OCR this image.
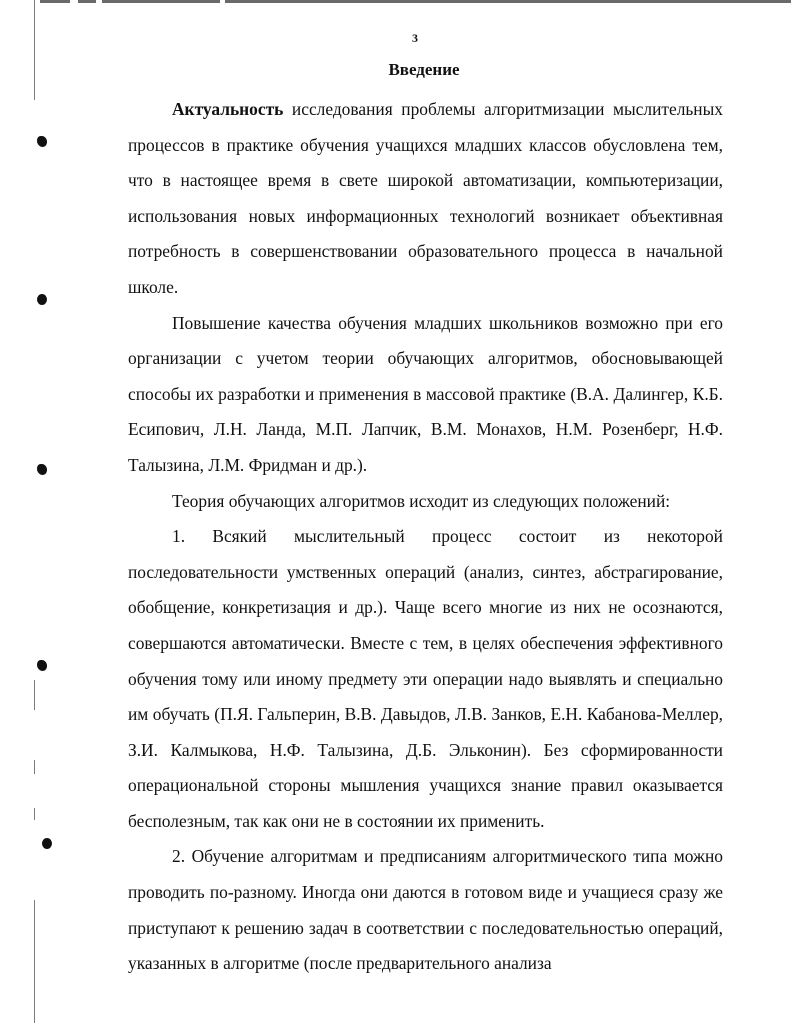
3
Введение

Актуальность исследования проблемы алгоритмизации мыслительных процессов в практике обучения учащихся младших классов обусловлена тем, что в настоящее время в свете широкой автоматизации, компьютеризации, использования новых информационных технологий возникает объективная потребность в совершенствовании образовательного процесса в начальной школе.

Повышение качества обучения младших школьников возможно при его организации с учетом теории обучающих алгоритмов, обосновывающей способы их разработки и применения в массовой практике (В.А. Далингер, К.Б. Есипович, Л.Н. Ланда, М.П. Лапчик, В.М. Монахов, Н.М. Розенберг, Н.Ф. Талызина, Л.М. Фридман и др.).

Теория обучающих алгоритмов исходит из следующих положений:

1. Всякий мыслительный процесс состоит из некоторой последовательности умственных операций (анализ, синтез, абстрагирование, обобщение, конкретизация и др.). Чаще всего многие из них не осознаются, совершаются автоматически. Вместе с тем, в целях обеспечения эффективного обучения тому или иному предмету эти операции надо выявлять и специально им обучать (П.Я. Гальперин, В.В. Давыдов, Л.В. Занков, Е.Н. Кабанова-Меллер, З.И. Калмыкова, Н.Ф. Талызина, Д.Б. Эльконин). Без сформированности операциональной стороны мышления учащихся знание правил оказывается бесполезным, так как они не в состоянии их применить.

2. Обучение алгоритмам и предписаниям алгоритмического типа можно проводить по-разному. Иногда они даются в готовом виде и учащиеся сразу же приступают к решению задач в соответствии с последовательностью операций, указанных в алгоритме (после предварительного анализа
